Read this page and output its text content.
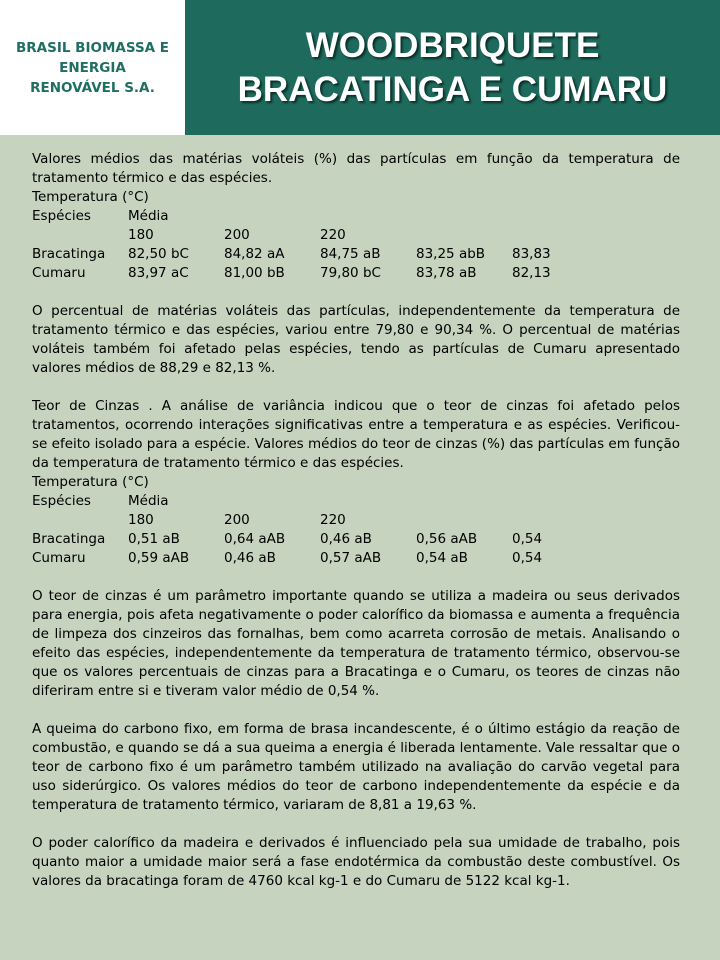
BRASIL BIOMASSA E
ENERGIA
RENOVÁVEL S.A.
WOODBRIQUETE
BRACATINGA E CUMARU

Valores médios das matérias voláteis (%) das partículas em função da temperatura de tratamento térmico e das espécies.

Temperatura (°C)
Espécies	Média
180	200	220
Bracatinga 82,50 bC	84,82 aA	84,75 aB	83,25 abB 83,83
Cumaru	83,97 aC	81,00 bB	79,80 bC	83,78 aB	82,13

O percentual de matérias voláteis das partículas, independentemente da temperatura de tratamento térmico e das espécies, variou entre 79,80 e 90,34 %. O percentual de matérias voláteis também foi afetado pelas espécies, tendo as partículas de Cumaru apresentado valores médios de 88,29 e 82,13 %.

Teor de Cinzas . A análise de variância indicou que o teor de cinzas foi afetado pelos tratamentos, ocorrendo interações significativas entre a temperatura e as espécies. Verificou-se efeito isolado para a espécie. Valores médios do teor de cinzas (%) das partículas em função da temperatura de tratamento térmico e das espécies.

Temperatura (°C)
Espécies	Média
180	200	220
Bracatinga 0,51 aB	0,64 aAB	0,46 aB	0,56 aAB	0,54
Cumaru	0,59 aAB	0,46 aB	0,57 aAB	0,54 aB	0,54

O teor de cinzas é um parâmetro importante quando se utiliza a madeira ou seus derivados para energia, pois afeta negativamente o poder calorífico da biomassa e aumenta a frequência de limpeza dos cinzeiros das fornalhas, bem como acarreta corrosão de metais. Analisando o efeito das espécies, independentemente da temperatura de tratamento térmico, observou-se que os valores percentuais de cinzas para a Bracatinga e o Cumaru, os teores de cinzas não diferiram entre si e tiveram valor médio de 0,54 %.

A queima do carbono fixo, em forma de brasa incandescente, é o último estágio da reação de combustão, e quando se dá a sua queima a energia é liberada lentamente. Vale ressaltar que o teor de carbono fixo é um parâmetro também utilizado na avaliação do carvão vegetal para uso siderúrgico. Os valores médios do teor de carbono independentemente da espécie e da temperatura de tratamento térmico, variaram de 8,81 a 19,63 %.

O poder calorífico da madeira e derivados é influenciado pela sua umidade de trabalho, pois quanto maior a umidade maior será a fase endotérmica da combustão deste combustível. Os valores da bracatinga foram de 4760 kcal kg-1 e do Cumaru de 5122 kcal kg-1.
